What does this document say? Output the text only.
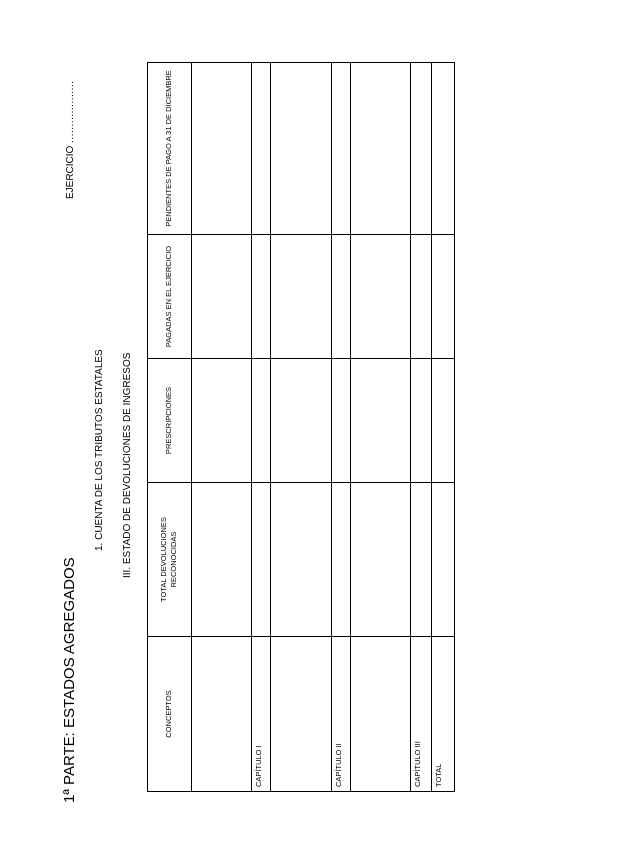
1ª PARTE: ESTADOS AGREGADOS
1. CUENTA DE LOS TRIBUTOS ESTATALES III. ESTADO DE DEVOLUCIONES DE INGRESOS
EJERCICIO ...................
CONCEPTOS	TOTAL DEVOLUCIONES RECONOCIDAS	PRESCRIPCIONES	PAGADAS EN EL EJERCICIO	PENDIENTES DE PAGO A 31 DE DICIEMBRE

CAPÍTULO I				

CAPÍTULO II				

CAPÍTULO III				
TOTAL				
